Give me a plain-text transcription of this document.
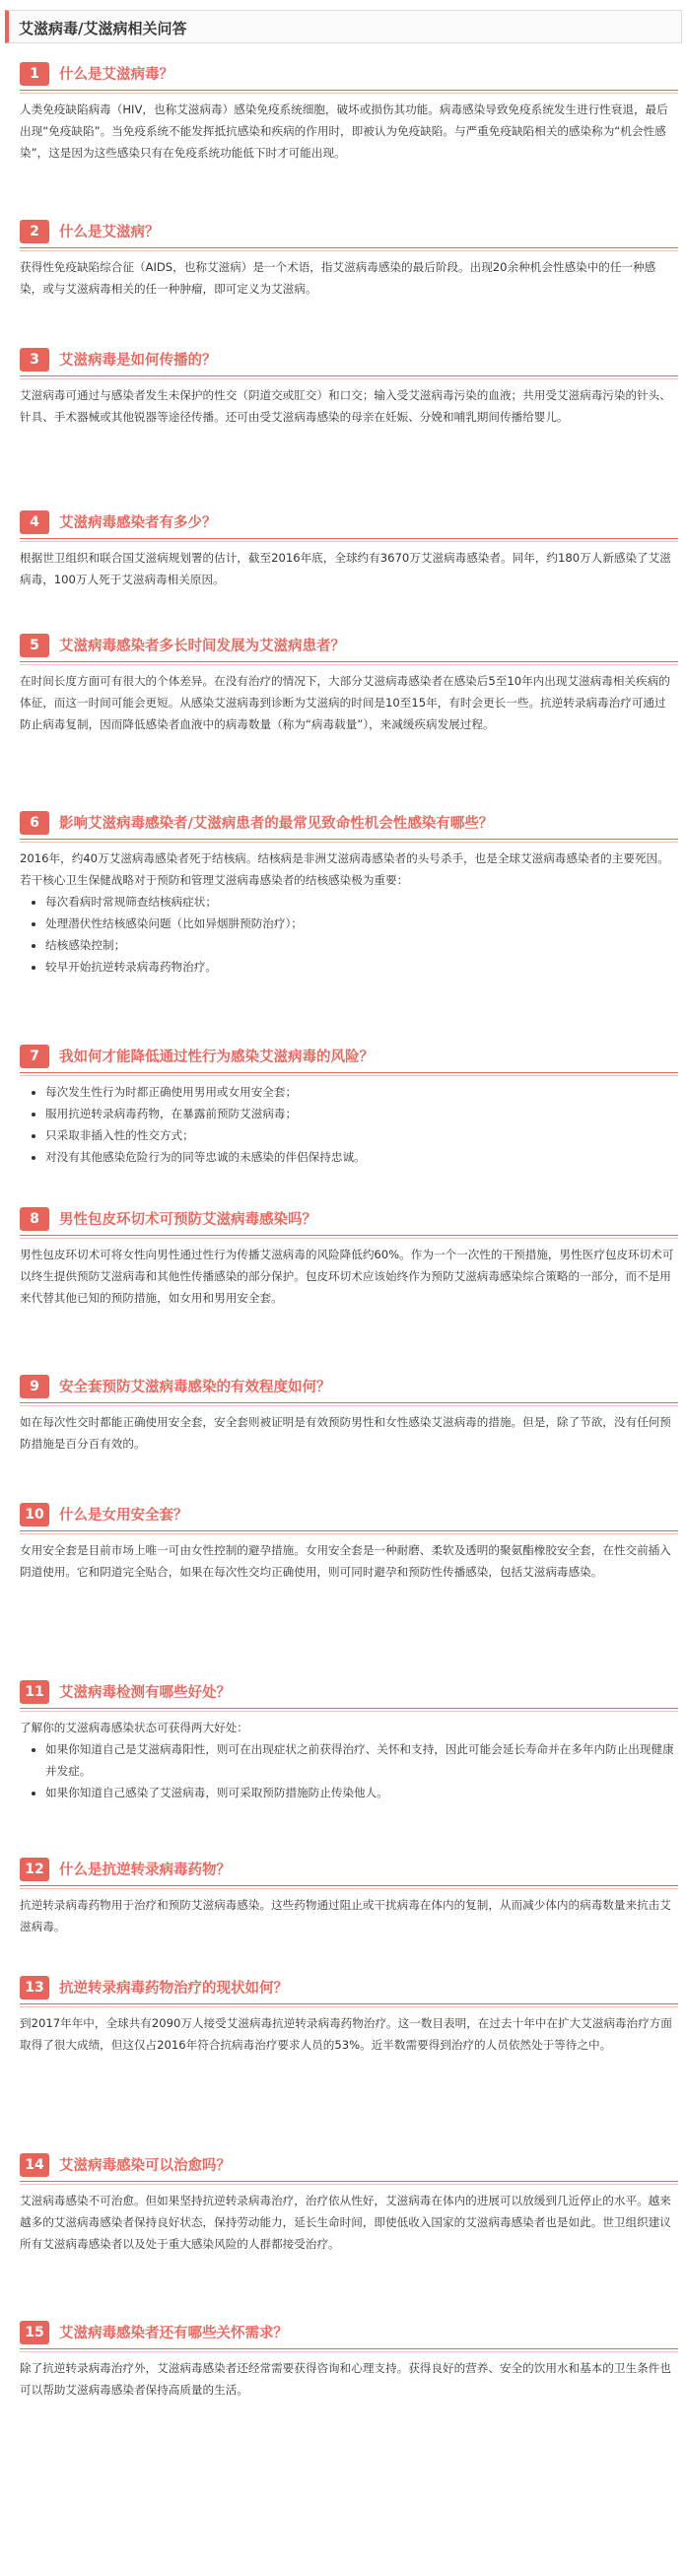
艾滋病毒/艾滋病相关问答
1	什么是艾滋病毒？

人类免疫缺陷病毒（HIV，也称艾滋病毒）感染免疫系统细胞，破坏或损伤其功能。病毒感染导致免疫系统发生进行性衰退，最后出现“免疫缺陷”。当免疫系统不能发挥抵抗感染和疾病的作用时，即被认为免疫缺陷。与严重免疫缺陷相关的感染称为“机会性感染”，这是因为这些感染只有在免疫系统功能低下时才可能出现。

2	什么是艾滋病？

获得性免疫缺陷综合征（AIDS，也称艾滋病）是一个术语，指艾滋病毒感染的最后阶段。出现20余种机会性感染中的任一种感染，或与艾滋病毒相关的任一种肿瘤，即可定义为艾滋病。

3	艾滋病毒是如何传播的？

艾滋病毒可通过与感染者发生未保护的性交（阴道交或肛交）和口交；输入受艾滋病毒污染的血液；共用受艾滋病毒污染的针头、针具、手术器械或其他锐器等途径传播。还可由受艾滋病毒感染的母亲在妊娠、分娩和哺乳期间传播给婴儿。

4	艾滋病毒感染者有多少？

根据世卫组织和联合国艾滋病规划署的估计，截至2016年底，全球约有3670万艾滋病毒感染者。同年，约180万人新感染了艾滋病毒，100万人死于艾滋病毒相关原因。

5	艾滋病毒感染者多长时间发展为艾滋病患者？

在时间长度方面可有很大的个体差异。在没有治疗的情况下，大部分艾滋病毒感染者在感染后5至10年内出现艾滋病毒相关疾病的体征，而这一时间可能会更短。从感染艾滋病毒到诊断为艾滋病的时间是10至15年，有时会更长一些。抗逆转录病毒治疗可通过防止病毒复制，因而降低感染者血液中的病毒数量（称为“病毒载量”），来减缓疾病发展过程。

6	影响艾滋病毒感染者/艾滋病患者的最常见致命性机会性感染有哪些？

2016年，约40万艾滋病毒感染者死于结核病。结核病是非洲艾滋病毒感染者的头号杀手，也是全球艾滋病毒感染者的主要死因。若干核心卫生保健战略对于预防和管理艾滋病毒感染者的结核感染极为重要：

• 每次看病时常规筛查结核病症状；
• 处理潜伏性结核感染问题（比如异烟肼预防治疗）；
• 结核感染控制；
• 较早开始抗逆转录病毒药物治疗。
7	我如何才能降低通过性行为感染艾滋病毒的风险？
• 每次发生性行为时都正确使用男用或女用安全套；
• 服用抗逆转录病毒药物，在暴露前预防艾滋病毒；
• 只采取非插入性的性交方式；
• 对没有其他感染危险行为的同等忠诚的未感染的伴侣保持忠诚。
8	男性包皮环切术可预防艾滋病毒感染吗？

男性包皮环切术可将女性向男性通过性行为传播艾滋病毒的风险降低约60%。作为一个一次性的干预措施，男性医疗包皮环切术可以终生提供预防艾滋病毒和其他性传播感染的部分保护。包皮环切术应该始终作为预防艾滋病毒感染综合策略的一部分，而不是用来代替其他已知的预防措施，如女用和男用安全套。

9	安全套预防艾滋病毒感染的有效程度如何？

如在每次性交时都能正确使用安全套，安全套则被证明是有效预防男性和女性感染艾滋病毒的措施。但是，除了节欲，没有任何预防措施是百分百有效的。

10	什么是女用安全套？

女用安全套是目前市场上唯一可由女性控制的避孕措施。女用安全套是一种耐磨、柔软及透明的聚氨酯橡胶安全套，在性交前插入阴道使用。它和阴道完全贴合，如果在每次性交均正确使用，则可同时避孕和预防性传播感染，包括艾滋病毒感染。

11	艾滋病毒检测有哪些好处？

了解你的艾滋病毒感染状态可获得两大好处：

• 如果你知道自己是艾滋病毒阳性，则可在出现症状之前获得治疗、关怀和支持，因此可能会延长寿命并在多年内防止出现健康并发症。
• 如果你知道自己感染了艾滋病毒，则可采取预防措施防止传染他人。
12	什么是抗逆转录病毒药物？

抗逆转录病毒药物用于治疗和预防艾滋病毒感染。这些药物通过阻止或干扰病毒在体内的复制，从而减少体内的病毒数量来抗击艾滋病毒。

13	抗逆转录病毒药物治疗的现状如何？

到2017年年中，全球共有2090万人接受艾滋病毒抗逆转录病毒药物治疗。这一数目表明，在过去十年中在扩大艾滋病毒治疗方面取得了很大成绩，但这仅占2016年符合抗病毒治疗要求人员的53%。近半数需要得到治疗的人员依然处于等待之中。

14	艾滋病毒感染可以治愈吗？

艾滋病毒感染不可治愈。但如果坚持抗逆转录病毒治疗，治疗依从性好，艾滋病毒在体内的进展可以放缓到几近停止的水平。越来越多的艾滋病毒感染者保持良好状态，保持劳动能力，延长生命时间，即使低收入国家的艾滋病毒感染者也是如此。世卫组织建议所有艾滋病毒感染者以及处于重大感染风险的人群都接受治疗。

15	艾滋病毒感染者还有哪些关怀需求？

除了抗逆转录病毒治疗外，艾滋病毒感染者还经常需要获得咨询和心理支持。获得良好的营养、安全的饮用水和基本的卫生条件也可以帮助艾滋病毒感染者保持高质量的生活。
